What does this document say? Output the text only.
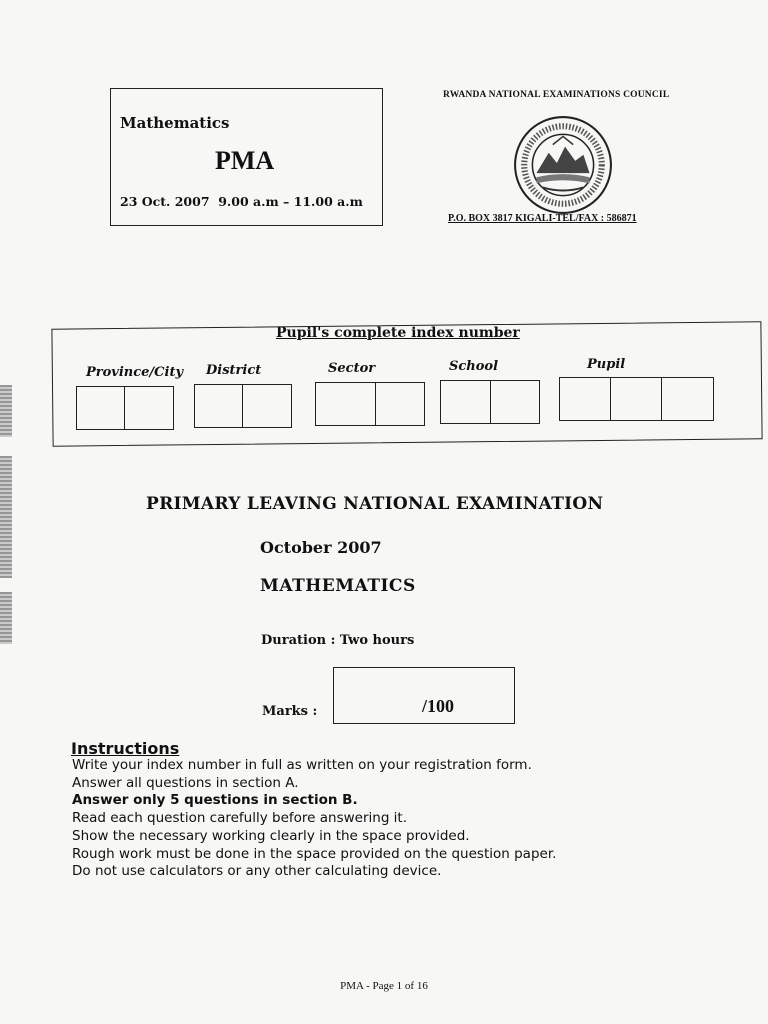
Mathematics
PMA
23 Oct. 2007 9.00 a.m – 11.00 a.m
RWANDA NATIONAL EXAMINATIONS COUNCIL
P.O. BOX 3817 KIGALI-TEL/FAX : 586871
Pupil's complete index number
Province/City District	Sector	School	Pupil
PRIMARY LEAVING NATIONAL EXAMINATION
October 2007
MATHEMATICS
Duration : Two hours
Marks :	/100
Instructions
Write your index number in full as written on your registration form.
Answer all questions in section A.
Answer only 5 questions in section B.
Read each question carefully before answering it.
Show the necessary working clearly in the space provided.
Rough work must be done in the space provided on the question paper.
Do not use calculators or any other calculating device.
PMA - Page 1 of 16
